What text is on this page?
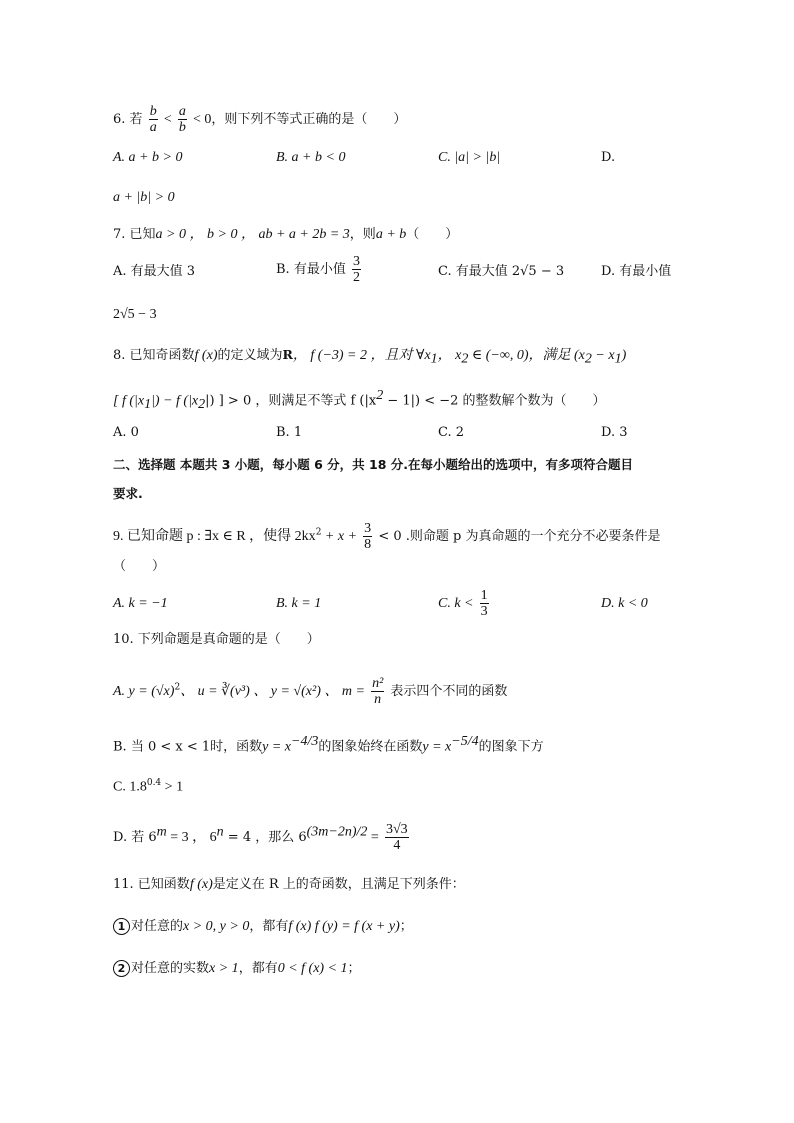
6. 若 $\frac{b}{a} < \frac{a}{b} < 0$，则下列不等式正确的是（　　）
A. a + b > 0	B. a + b < 0	C. |a| > |b|	D.
a + |b| > 0
7. 已知a > 0 ， b > 0 ， ab + a + 2b = 3，则a + b（　　）
A. 有最大值 3	B. 有最小值 $\frac{3}{2}$	C. 有最大值 2√5 − 3	D. 有最小值
2√5 − 3
8. 已知奇函数f (x)的定义域为R， f (−3) = 2 ，且对 $\forall x_1$， $x_2$ ∈ (−∞, 0)，满足 $(x_2 - x_1)$
[ f $(|x_1|) - f$ $(|x_2|)$ ] > 0 ，则满足不等式 f $(|x^2 - 1|) < -2$ 的整数解个数为（　　）
A. 0	B. 1	C. 2	D. 3
二、选择题 本题共 3 小题，每小题 6 分，共 18 分.在每小题给出的选项中，有多项符合题目
要求.
9. 已知命题 p : ∃x ∈ R ，使得 $2kx^2 + x + \frac{3}{8} < 0$ .则命题 p 为真命题的一个充分不必要条件是
（　　）
A. k = −1	B. k = 1	C. $k < \frac{1}{3}$	D. k < 0
10. 下列命题是真命题的是（　　）
A. $y = (√x)^2$、 u = ∛(v³) 、 y = √(x²) 、 $m = \frac{\text{n²}}{n}$ 表示四个不同的函数
B. 当 0 < x < 1时，函数$y = x^{-4/3}$的图象始终在函数$y = x^{-5/4}$的图象下方
C. $1.8^{0.4} > 1$
D. 若 $6^m = 3$ ， $6^n = 4$ ，那么 $6^{(3m-2n)/2} = \frac{3√3}{4}$
11. 已知函数f (x)是定义在 R 上的奇函数，且满足下列条件：
1 对任意的x > 0, y > 0，都有f (x) f (y) = f (x + y)；
2 对任意的实数x > 1，都有0 < f (x) < 1；
